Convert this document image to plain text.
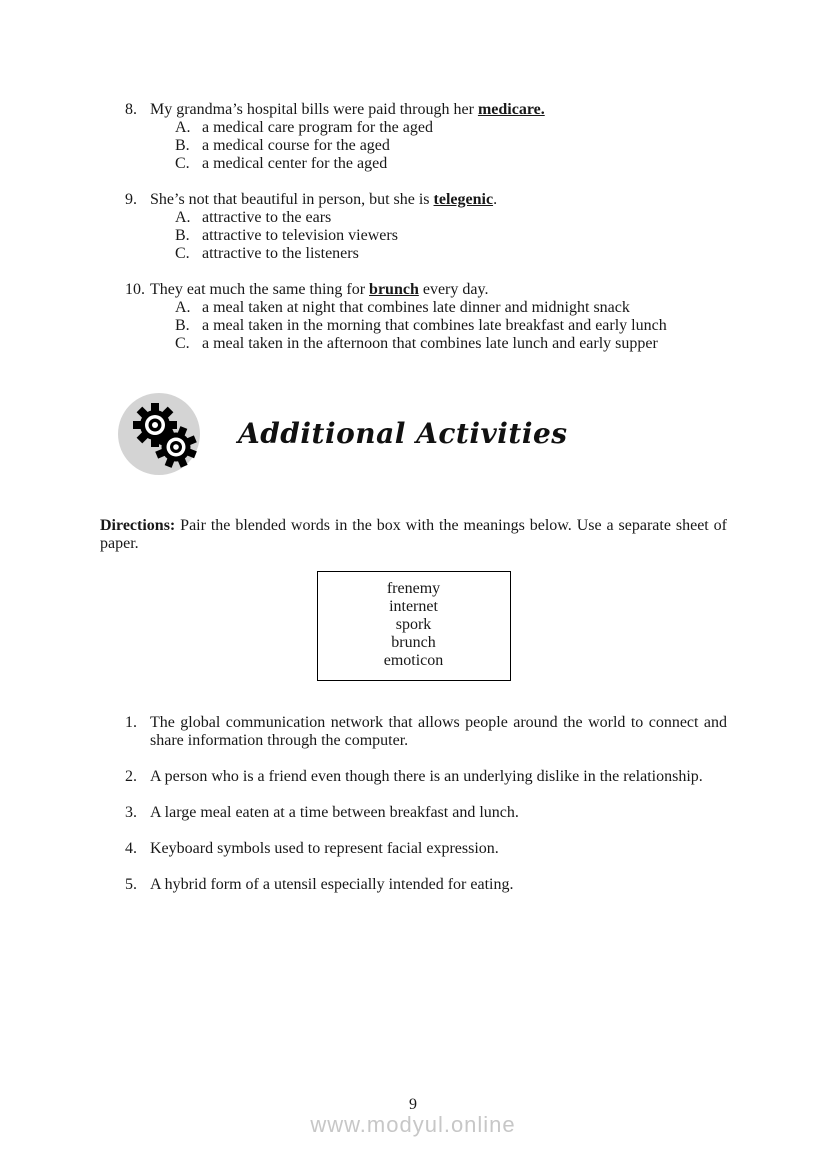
8. My grandma’s hospital bills were paid through her medicare.
A. a medical care program for the aged
B. a medical course for the aged
C. a medical center for the aged
9. She’s not that beautiful in person, but she is telegenic.
A. attractive to the ears
B. attractive to television viewers
C. attractive to the listeners
10. They eat much the same thing for brunch every day.
A. a meal taken at night that combines late dinner and midnight snack
B. a meal taken in the morning that combines late breakfast and early lunch
C. a meal taken in the afternoon that combines late lunch and early supper
Additional Activities
Directions: Pair the blended words in the box with the meanings below. Use a separate sheet of paper.
frenemy
internet
spork
brunch
emoticon
1. The global communication network that allows people around the world to connect and share information through the computer.
2. A person who is a friend even though there is an underlying dislike in the relationship.
3. A large meal eaten at a time between breakfast and lunch.
4. Keyboard symbols used to represent facial expression.
5. A hybrid form of a utensil especially intended for eating.
9
www.modyul.online
